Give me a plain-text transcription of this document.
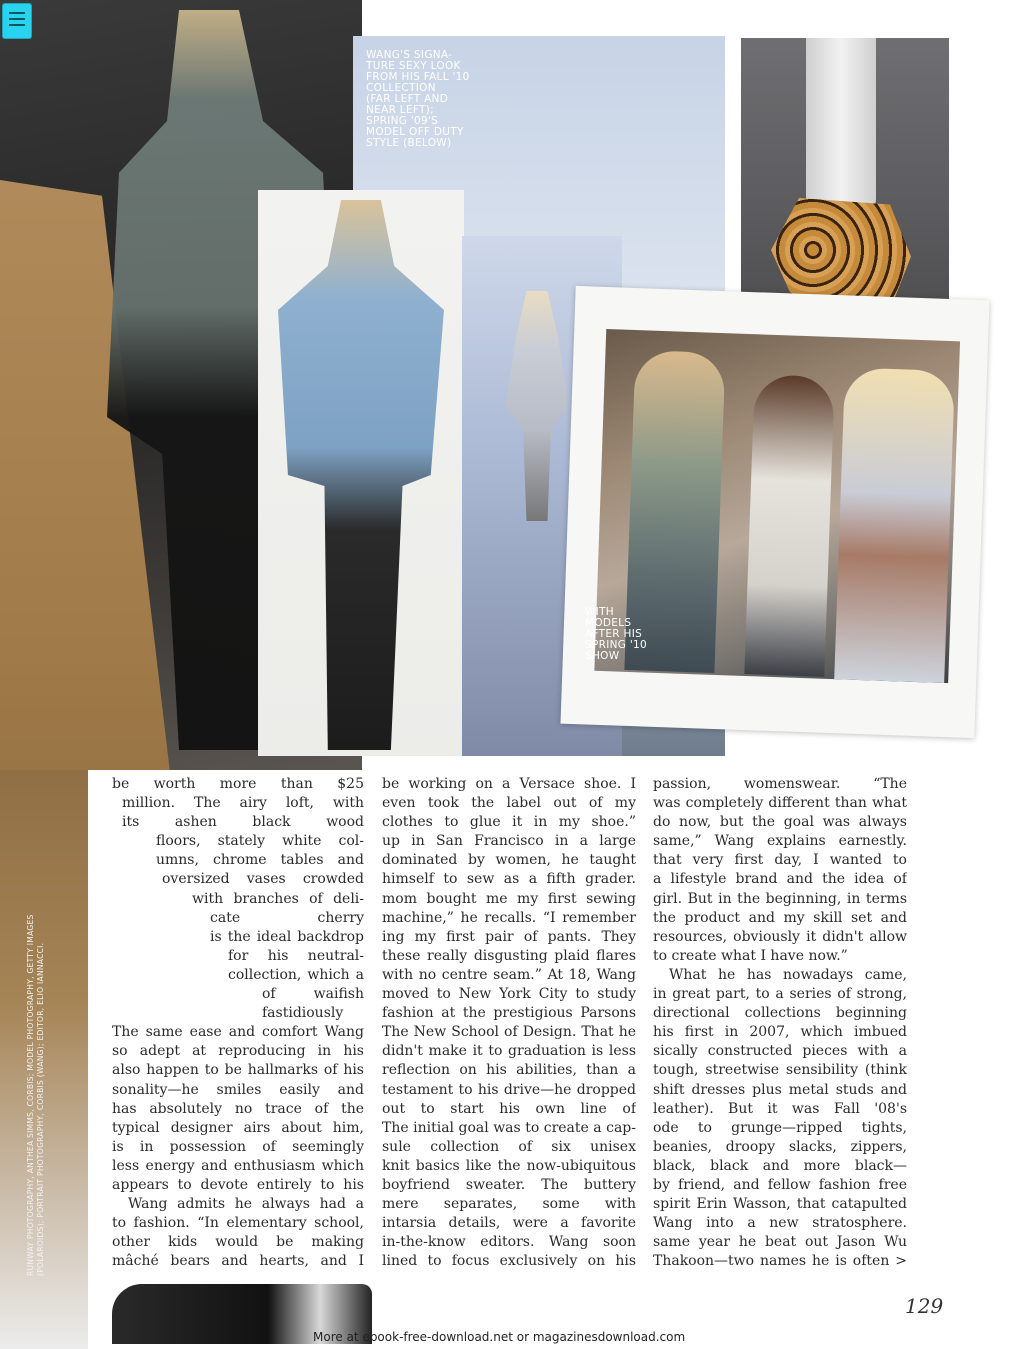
WANG'S SIGNA-
TURE SEXY LOOK
FROM HIS FALL '10
COLLECTION
(FAR LEFT AND
NEAR LEFT);
SPRING '09'S
MODEL OFF DUTY
STYLE (BELOW)
WITH
MODELS
AFTER HIS
SPRING '10
SHOW
be worth more than $25
million. The airy loft, with
its ashen black wood
floors, stately white col-
umns, chrome tables and
oversized vases crowded
with branches of deli-
cate cherry
is the ideal backdrop
for his neutral-
collection, which a
of waifish
fastidiously
The same ease and comfort Wang
so adept at reproducing in his
also happen to be hallmarks of his
sonality—he smiles easily and
has absolutely no trace of the
typical designer airs about him,
is in possession of seemingly
less energy and enthusiasm which
appears to devote entirely to his
Wang admits he always had a
to fashion. “In elementary school,
other kids would be making
mâché bears and hearts, and I
be working on a Versace shoe. I
even took the label out of my
clothes to glue it in my shoe.”
up in San Francisco in a large
dominated by women, he taught
himself to sew as a fifth grader.
mom bought me my first sewing
machine,” he recalls. “I remember
ing my first pair of pants. They
these really disgusting plaid flares
with no centre seam.” At 18, Wang
moved to New York City to study
fashion at the prestigious Parsons
The New School of Design. That he
didn't make it to graduation is less
reflection on his abilities, than a
testament to his drive—he dropped
out to start his own line of
The initial goal was to create a cap-
sule collection of six unisex
knit basics like the now-ubiquitous
boyfriend sweater. The buttery
mere separates, some with
intarsia details, were a favorite
in-the-know editors. Wang soon
lined to focus exclusively on his
passion, womenswear. “The
was completely different than what
do now, but the goal was always
same,” Wang explains earnestly.
that very first day, I wanted to
a lifestyle brand and the idea of
girl. But in the beginning, in terms
the product and my skill set and
resources, obviously it didn't allow
to create what I have now.”
What he has nowadays came,
in great part, to a series of strong,
directional collections beginning
his first in 2007, which imbued
sically constructed pieces with a
tough, streetwise sensibility (think
shift dresses plus metal studs and
leather). But it was Fall '08's
ode to grunge—ripped tights,
beanies, droopy slacks, zippers,
black, black and more black—
by friend, and fellow fashion free
spirit Erin Wasson, that catapulted
Wang into a new stratosphere.
same year he beat out Jason Wu
Thakoon—two names he is often >
RUNWAY PHOTOGRAPHY, ANTHEA SIMMS, CORBIS; MODEL PHOTOGRAPHY, GETTY IMAGES (POLAROIDS); PORTRAIT PHOTOGRAPHY, CORBIS (WANG); EDITOR, ELIO IANNACCI.
129
More at ebook-free-download.net or magazinesdownload.com
